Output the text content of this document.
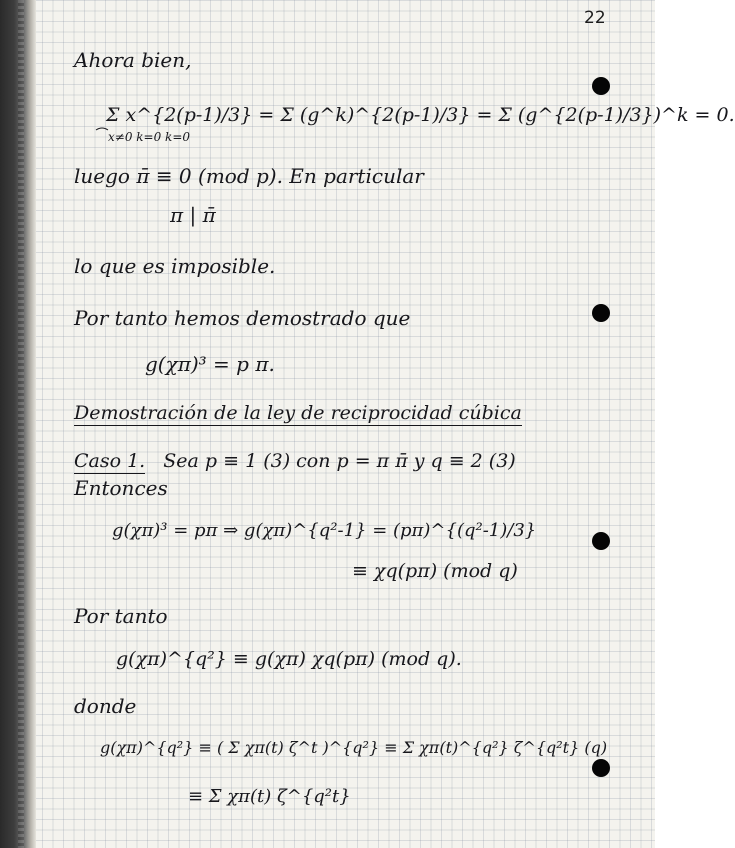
22
Ahora bien,
Σ x^{2(p-1)/3} = Σ (g^k)^{2(p-1)/3} = Σ (g^{2(p-1)/3})^k = 0.
x≠0 k=0 k=0
luego π̄ ≡ 0 (mod p). En particular
π | π̄
lo que es imposible.
Por tanto hemos demostrado que
g(χπ)³ = p π.
Demostración de la ley de reciprocidad cúbica
Caso 1. Sea p ≡ 1 (3) con p = π π̄ y q ≡ 2 (3)
Entonces
g(χπ)³ = pπ ⇒ g(χπ)^{q²-1} = (pπ)^{(q²-1)/3}
≡ χq(pπ) (mod q)
Por tanto
g(χπ)^{q²} ≡ g(χπ) χq(pπ) (mod q).
donde
g(χπ)^{q²} ≡ ( Σ χπ(t) ζ^t )^{q²} ≡ Σ χπ(t)^{q²} ζ^{q²t} (q)
≡ Σ χπ(t) ζ^{q²t}
